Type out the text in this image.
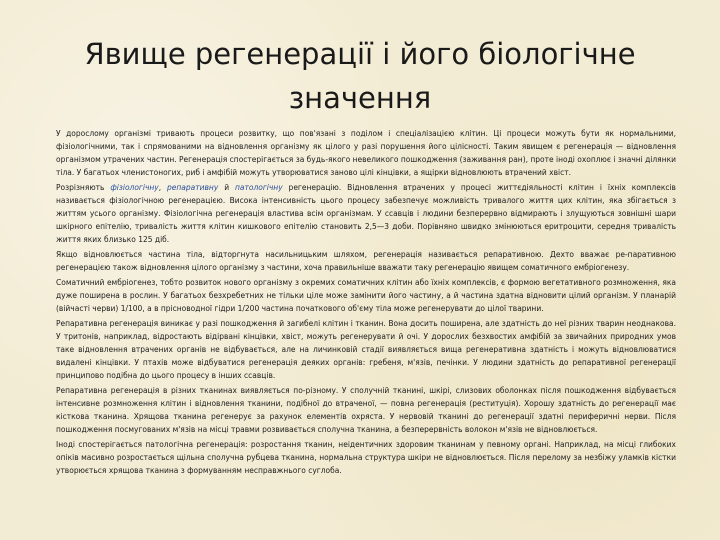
Явище регенерації і його біологічне значення

У дорослому організмі тривають процеси розвитку, що пов'язані з поділом і спеціалізацією клітин. Ці процеси можуть бути як нормальними, фізіологічними, так і спрямованими на відновлення організму як цілого у разі порушення його цілісності. Таким явищем є регенерація — відновлення організмом утрачених частин. Регенерація спостерігається за будь-якого невеликого пошкодження (заживання ран), проте іноді охоплює і значні ділянки тіла. У багатьох членистоногих, риб і амфібій можуть утворюватися заново цілі кінцівки, а ящірки відновлюють втрачений хвіст.

Розрізняють фізіологічну, репаративну й патологічну регенерацію. Відновлення втрачених у процесі життєдіяльності клітин і їхніх комплексів називається фізіологічною регенерацією. Висока інтенсивність цього процесу забезпечує можливість тривалого життя цих клітин, яка збігається з життям усього організму. Фізіологічна регенерація властива всім організмам. У ссавців і людини безперервно відмирають і злущуються зовнішні шари шкірного епітелію, тривалість життя клітин кишкового епітелію становить 2,5—3 доби. Порівняно швидко змінюються еритроцити, середня тривалість життя яких близько 125 діб.

Якщо відновлюється частина тіла, відторгнута насильницьким шляхом, регенерація називається репаративною. Дехто вважає ре-паративною регенерацією також відновлення цілого організму з частини, хоча правильніше вважати таку регенерацію явищем соматичного ембріогенезу.

Соматичний ембріогенез, тобто розвиток нового організму з окремих соматичних клітин або їхніх комплексів, є формою вегетативного розмноження, яка дуже поширена в рослин. У багатьох безхребетних не тільки ціле може замінити його частину, а й частина здатна відновити цілий організм. У планарій (війчасті черви) 1/100, а в прісноводної гідри 1/200 частина початкового об'єму тіла може регенерувати до цілої тварини.

Репаративна регенерація виникає у разі пошкодження й загибелі клітин і тканин. Вона досить поширена, але здатність до неї різних тварин неоднакова. У тритонів, наприклад, відростають відірвані кінцівки, хвіст, можуть регенерувати й очі. У дорослих безхвостих амфібій за звичайних природних умов таке відновлення втрачених органів не відбувається, але на личинковій стадії виявляється вища регенеративна здатність і можуть відновлюватися видалені кінцівки. У птахів може відбуватися регенерація деяких органів: гребеня, м'язів, печінки. У людини здатність до репаративної регенерації принципово подібна до цього процесу в інших ссавців.

Репаративна регенерація в різних тканинах виявляється по-різному. У сполучній тканині, шкірі, слизових оболонках після пошкодження відбувається інтенсивне розмноження клітин і відновлення тканини, подібної до втраченої, — повна регенерація (реституція). Хорошу здатність до регенерації має кісткова тканина. Хрящова тканина регенерує за рахунок елементів охряста. У нервовій тканині до регенерації здатні периферичні нерви. Після пошкодження посмугованих м'язів на місці травми розвивається сполучна тканина, а безперервність волокон м'язів не відновлюється.

Іноді спостерігається патологічна регенерація: розростання тканин, неідентичних здоровим тканинам у певному органі. Наприклад, на місці глибоких опіків масивно розростається щільна сполучна рубцева тканина, нормальна структура шкіри не відновлюється. Після перелому за незбіжу уламків кістки утворюється хрящова тканина з формуванням несправжнього суглоба.
